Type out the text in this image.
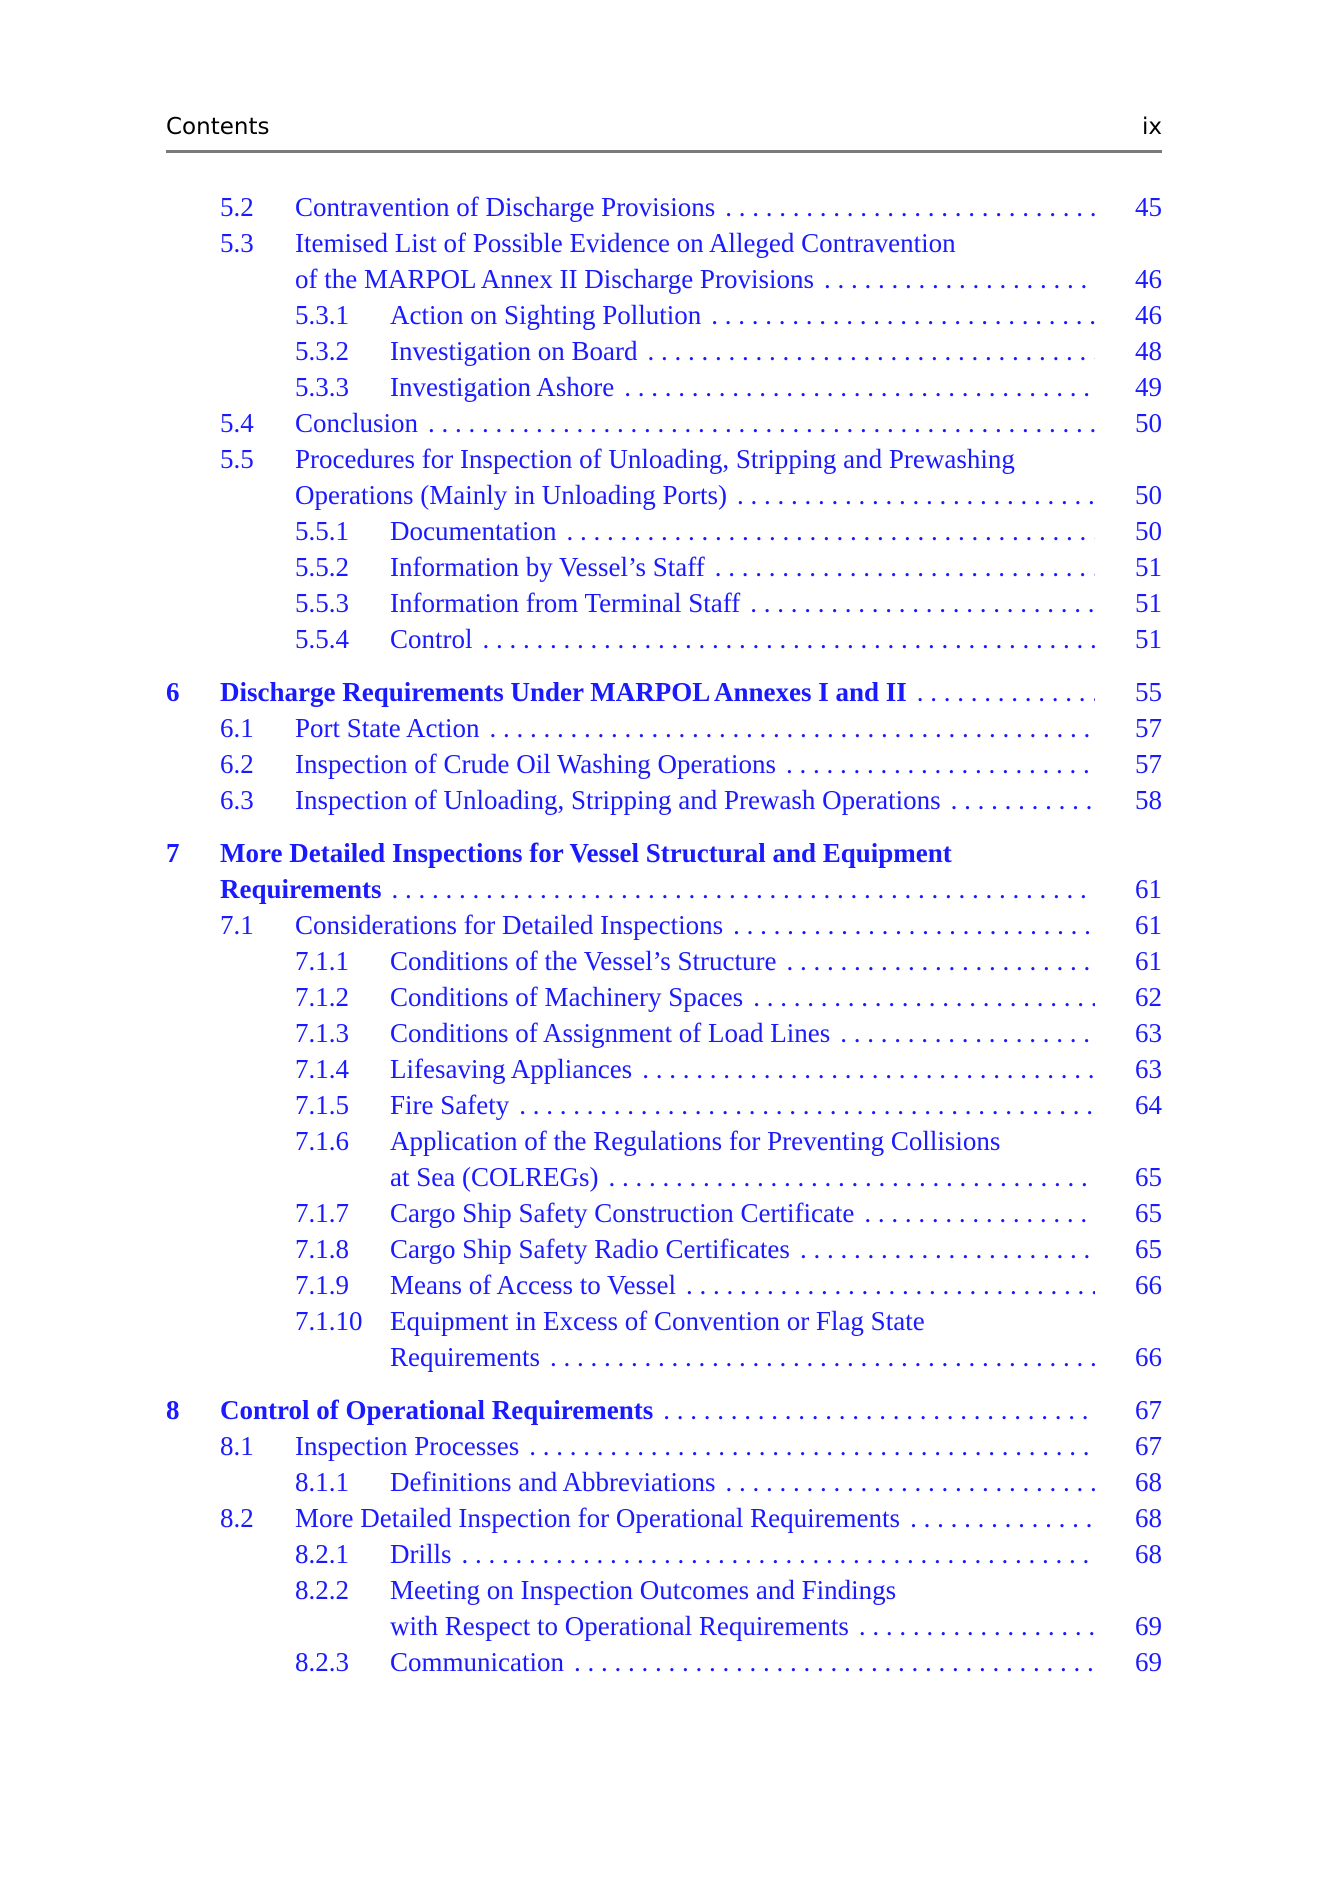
Contents	ix
5.2 Contravention of Discharge Provisions . . .	45
5.3 Itemised List of Possible Evidence on Alleged Contravention
of the MARPOL Annex II Discharge Provisions . . .	46
5.3.1 Action on Sighting Pollution . . .	46
5.3.2 Investigation on Board . . .	48
5.3.3 Investigation Ashore . . .	49
5.4 Conclusion . . .	50
5.5 Procedures for Inspection of Unloading, Stripping and Prewashing
Operations (Mainly in Unloading Ports) . . .	50
5.5.1 Documentation . . .	50
5.5.2 Information by Vessel’s Staff . . .	51
5.5.3 Information from Terminal Staff . . .	51
5.5.4 Control . . .	51
6 Discharge Requirements Under MARPOL Annexes I and II . . .	55
6.1 Port State Action . . .	57
6.2 Inspection of Crude Oil Washing Operations . . .	57
6.3 Inspection of Unloading, Stripping and Prewash Operations . . .	58
7 More Detailed Inspections for Vessel Structural and Equipment
Requirements . . .	61
7.1 Considerations for Detailed Inspections . . .	61
7.1.1 Conditions of the Vessel’s Structure . . .	61
7.1.2 Conditions of Machinery Spaces . . .	62
7.1.3 Conditions of Assignment of Load Lines . . .	63
7.1.4 Lifesaving Appliances . . .	63
7.1.5 Fire Safety . . .	64
7.1.6 Application of the Regulations for Preventing Collisions
at Sea (COLREGs) . . .	65
7.1.7 Cargo Ship Safety Construction Certificate . . .	65
7.1.8 Cargo Ship Safety Radio Certificates . . .	65
7.1.9 Means of Access to Vessel . . .	66
7.1.10 Equipment in Excess of Convention or Flag State
Requirements . . .	66
8 Control of Operational Requirements . . .	67
8.1 Inspection Processes . . .	67
8.1.1 Definitions and Abbreviations . . .	68
8.2 More Detailed Inspection for Operational Requirements . . .	68
8.2.1 Drills . . .	68
8.2.2 Meeting on Inspection Outcomes and Findings
with Respect to Operational Requirements . . .	69
8.2.3 Communication . . .	69
